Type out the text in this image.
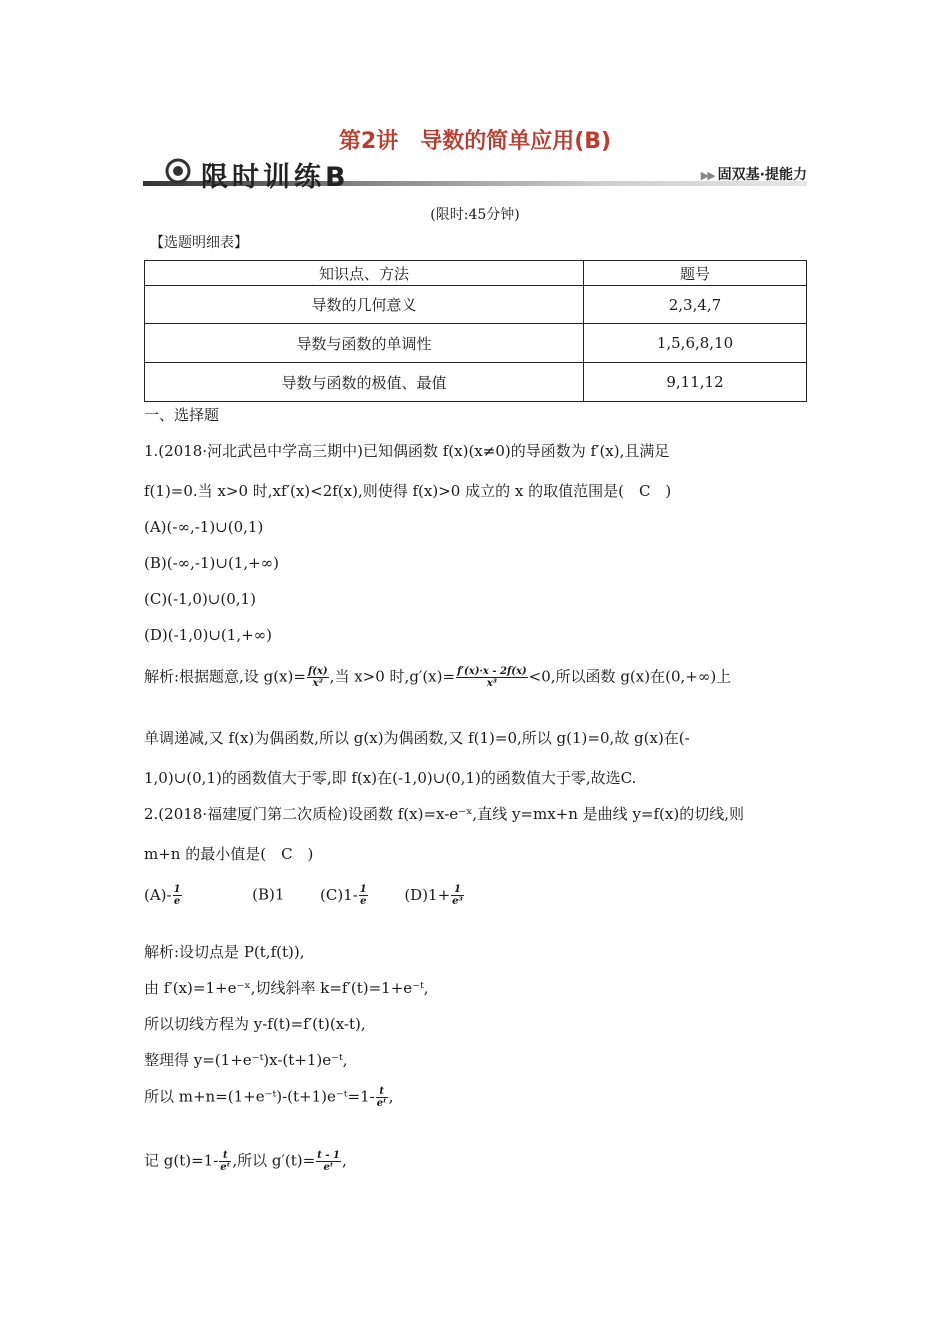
第2讲　导数的简单应用(B)
限时训练B	▶▶ 固双基·提能力
(限时:45分钟)
【选题明细表】
知识点、方法	题号
导数的几何意义	2,3,4,7
导数与函数的单调性	1,5,6,8,10
导数与函数的极值、最值	9,11,12
一、选择题
1.(2018·河北武邑中学高三期中)已知偶函数 f(x)(x≠0)的导函数为 f′(x),且满足
f(1)=0.当 x>0 时,xf′(x)<2f(x),则使得 f(x)>0 成立的 x 的取值范围是(　C　)
(A)(-∞,-1)∪(0,1)
(B)(-∞,-1)∪(1,+∞)
(C)(-1,0)∪(0,1)
(D)(-1,0)∪(1,+∞)
解析:根据题意,设 $g(x)= \frac{f(x)}{\text{x²}}$ ,当 x>0 时$,g'(x)= \frac{f'(x)\cdot x - 2f(x)}{\text{x³}} <0$,所以函数 g(x)在(0,+∞)上
单调递减,又 f(x)为偶函数,所以 g(x)为偶函数,又 f(1)=0,所以 g(1)=0,故 g(x)在(-
1,0)∪(0,1)的函数值大于零,即 f(x)在(-1,0)∪(0,1)的函数值大于零,故选C.
2.(2018·福建厦门第二次质检)设函数 f(x)=x-e⁻ˣ,直线 y=mx+n 是曲线 y=f(x)的切线,则
m+n 的最小值是(　C　)
$(A)- \frac{1}{e}$	(B)1 $(C)1- \frac{1}{e} (D)1+ \frac{1}{\text{e³}}$
解析:设切点是 P(t,f(t)),
由 f′(x)=1+e⁻ˣ,切线斜率 k=f′(t)=1+e⁻ᵗ,
所以切线方程为 y-f(t)=f′(t)(x-t),
整理得 y=(1+e⁻ᵗ)x-(t+1)e⁻ᵗ,
所以 m+n=(1+e⁻ᵗ)-(t+1)e⁻ᵗ=1- $\frac{t}{\text{eᵗ}}$ ,
记 $g(t)=1- \frac{t}{\text{eᵗ}}$ ,所以 $g'(t)= \frac{t - 1}{\text{eᵗ}}$ ,
